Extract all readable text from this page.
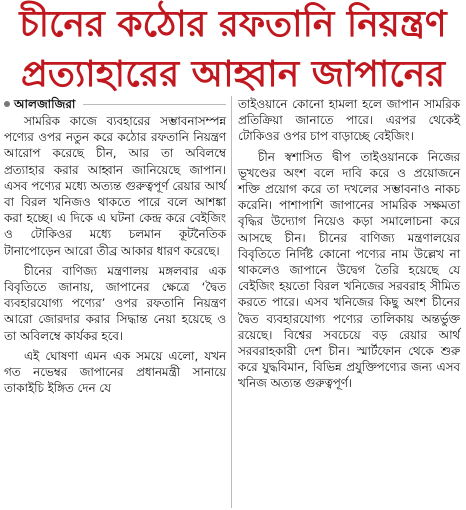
চীনের কঠোর রফতানি নিয়ন্ত্রণ
প্রত্যাহারের আহ্বান জাপানের
আলজাজিরা

সামরিক কাজে ব্যবহারের সম্ভাবনাসম্পন্ন পণ্যের ওপর নতুন করে কঠোর রফতানি নিয়ন্ত্রণ আরোপ করেছে চীন, আর তা অবিলম্বে প্রত্যাহার করার আহ্বান জানিয়েছে জাপান। এসব পণ্যের মধ্যে অত্যন্ত গুরুত্বপূর্ণ রেয়ার আর্থ বা বিরল খনিজও থাকতে পারে বলে আশঙ্কা করা হচ্ছে। এ দিকে এ ঘটনা কেন্দ্র করে বেইজিং ও টোকিওর মধ্যে চলমান কূটনৈতিক টানাপোড়েন আরো তীব্র আকার ধারণ করেছে।

চীনের বাণিজ্য মন্ত্রণালয় মঙ্গলবার এক বিবৃতিতে জানায়, জাপানের ক্ষেত্রে ‘দ্বৈত ব্যবহারযোগ্য পণ্যের’ ওপর রফতানি নিয়ন্ত্রণ আরো জোরদার করার সিদ্ধান্ত নেয়া হয়েছে ও তা অবিলম্বে কার্যকর হবে।

এই ঘোষণা এমন এক সময়ে এলো, যখন গত নভেম্বর জাপানের প্রধানমন্ত্রী সানায়ে তাকাইচি ইঙ্গিত দেন যে

তাইওয়ানে কোনো হামলা হলে জাপান সামরিক প্রতিক্রিয়া জানাতে পারে। এরপর থেকেই টোকিওর ওপর চাপ বাড়াচ্ছে বেইজিং।

চীন স্বশাসিত দ্বীপ তাইওয়ানকে নিজের ভূখণ্ডের অংশ বলে দাবি করে ও প্রয়োজনে শক্তি প্রয়োগ করে তা দখলের সম্ভাবনাও নাকচ করেনি। পাশাপাশি জাপানের সামরিক সক্ষমতা বৃদ্ধির উদ্যোগ নিয়েও কড়া সমালোচনা করে আসছে চীন। চীনের বাণিজ্য মন্ত্রণালয়ের বিবৃতিতে নির্দিষ্ট কোনো পণ্যের নাম উল্লেখ না থাকলেও জাপানে উদ্বেগ তৈরি হয়েছে যে বেইজিং হয়তো বিরল খনিজের সরবরাহ সীমিত করতে পারে। এসব খনিজের কিছু অংশ চীনের দ্বৈত ব্যবহারযোগ্য পণ্যের তালিকায় অন্তর্ভুক্ত রয়েছে। বিশ্বের সবচেয়ে বড় রেয়ার আর্থ সরবরাহকারী দেশ চীন। স্মার্টফোন থেকে শুরু করে যুদ্ধবিমান, বিভিন্ন প্রযুক্তিপণ্যের জন্য এসব খনিজ অত্যন্ত গুরুত্বপূর্ণ।
